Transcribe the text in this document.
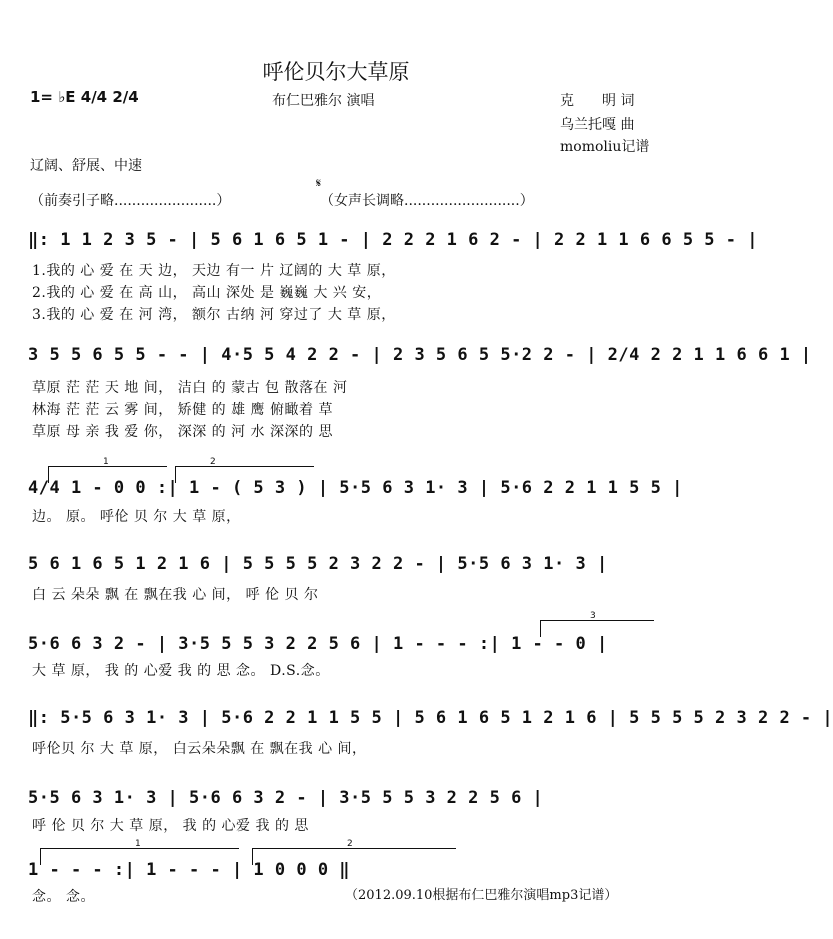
呼伦贝尔大草原
1= ♭E 4/4 2/4	布仁巴雅尔 演唱	克　　明 词
乌兰托嘎 曲
momoliu记谱
辽阔、舒展、中速
（前奏引子略.......................）
𝄋
（女声长调略..........................）
‖: 1 1 2 3 5 - | 5 6 1 6 5 1 - | 2 2 2 1 6 2 - | 2 2 1 1 6 6 5 5 - |
1.我的 心 爱 在 天 边， 天边 有一 片 辽阔的 大 草 原，
2.我的 心 爱 在 高 山， 高山 深处 是 巍巍 大 兴 安，
3.我的 心 爱 在 河 湾， 额尔 古纳 河 穿过了 大 草 原，
3 5 5 6 5 5 - - | 4·5 5 4 2 2 - | 2 3 5 6 5 5·2 2 - | 2/4 2 2 1 1 6 6 1 |
草原 茫 茫 天 地 间， 洁白 的 蒙古 包 散落在 河
林海 茫 茫 云 雾 间， 矫健 的 雄 鹰 俯瞰着 草
草原 母 亲 我 爱 你， 深深 的 河 水 深深的 思
1	2
4/4 1 - 0 0 :| 1 - ( 5 3 ) | 5·5 6 3 1· 3 | 5·6 2 2 1 1 5 5 |
边。 原。 呼伦 贝 尔 大 草 原，
5 6 1 6 5 1 2 1 6 | 5 5 5 5 2 3 2 2 - | 5·5 6 3 1· 3 |
白 云 朵朵 飘 在 飘在我 心 间， 呼 伦 贝 尔
3
5·6 6 3 2 - | 3·5 5 5 3 2 2 5 6 | 1 - - - :| 1 - - 0 |
大 草 原， 我 的 心爱 我 的 思 念。 D.S.念。
‖: 5·5 6 3 1· 3 | 5·6 2 2 1 1 5 5 | 5 6 1 6 5 1 2 1 6 | 5 5 5 5 2 3 2 2 - |
呼伦贝 尔 大 草 原， 白云朵朵飘 在 飘在我 心 间，
5·5 6 3 1· 3 | 5·6 6 3 2 - | 3·5 5 5 3 2 2 5 6 |
呼 伦 贝 尔 大 草 原， 我 的 心爱 我 的 思
1	2
1 - - - :| 1 - - - | 1 0 0 0 ‖
念。 念。	（2012.09.10根据布仁巴雅尔演唱mp3记谱）
